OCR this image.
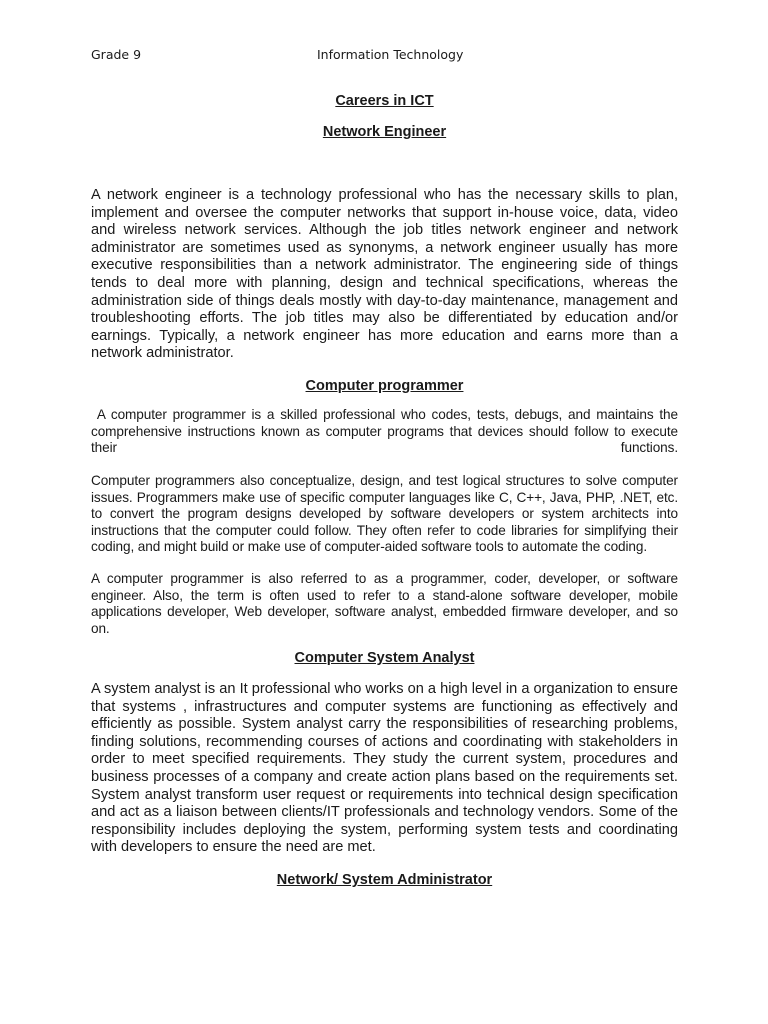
Grade 9	Information Technology
Careers in ICT
Network Engineer

A network engineer is a technology professional who has the necessary skills to plan, implement and oversee the computer networks that support in-house voice, data, video and wireless network services. Although the job titles network engineer and network administrator are sometimes used as synonyms, a network engineer usually has more executive responsibilities than a network administrator. The engineering side of things tends to deal more with planning, design and technical specifications, whereas the administration side of things deals mostly with day-to-day maintenance, management and troubleshooting efforts. The job titles may also be differentiated by education and/or earnings. Typically, a network engineer has more education and earns more than a network administrator.

Computer programmer

A computer programmer is a skilled professional who codes, tests, debugs, and maintains the comprehensive instructions known as computer programs that devices should follow to execute their functions.

Computer programmers also conceptualize, design, and test logical structures to solve computer issues. Programmers make use of specific computer languages like C, C++, Java, PHP, .NET, etc. to convert the program designs developed by software developers or system architects into instructions that the computer could follow. They often refer to code libraries for simplifying their coding, and might build or make use of computer-aided software tools to automate the coding.

A computer programmer is also referred to as a programmer, coder, developer, or software engineer. Also, the term is often used to refer to a stand-alone software developer, mobile applications developer, Web developer, software analyst, embedded firmware developer, and so on.

Computer System Analyst

A system analyst is an It professional who works on a high level in a organization to ensure that systems , infrastructures and computer systems are functioning as effectively and efficiently as possible. System analyst carry the responsibilities of researching problems, finding solutions, recommending courses of actions and coordinating with stakeholders in order to meet specified requirements. They study the current system, procedures and business processes of a company and create action plans based on the requirements set. System analyst transform user request or requirements into technical design specification and act as a liaison between clients/IT professionals and technology vendors. Some of the responsibility includes deploying the system, performing system tests and coordinating with developers to ensure the need are met.

Network/ System Administrator
